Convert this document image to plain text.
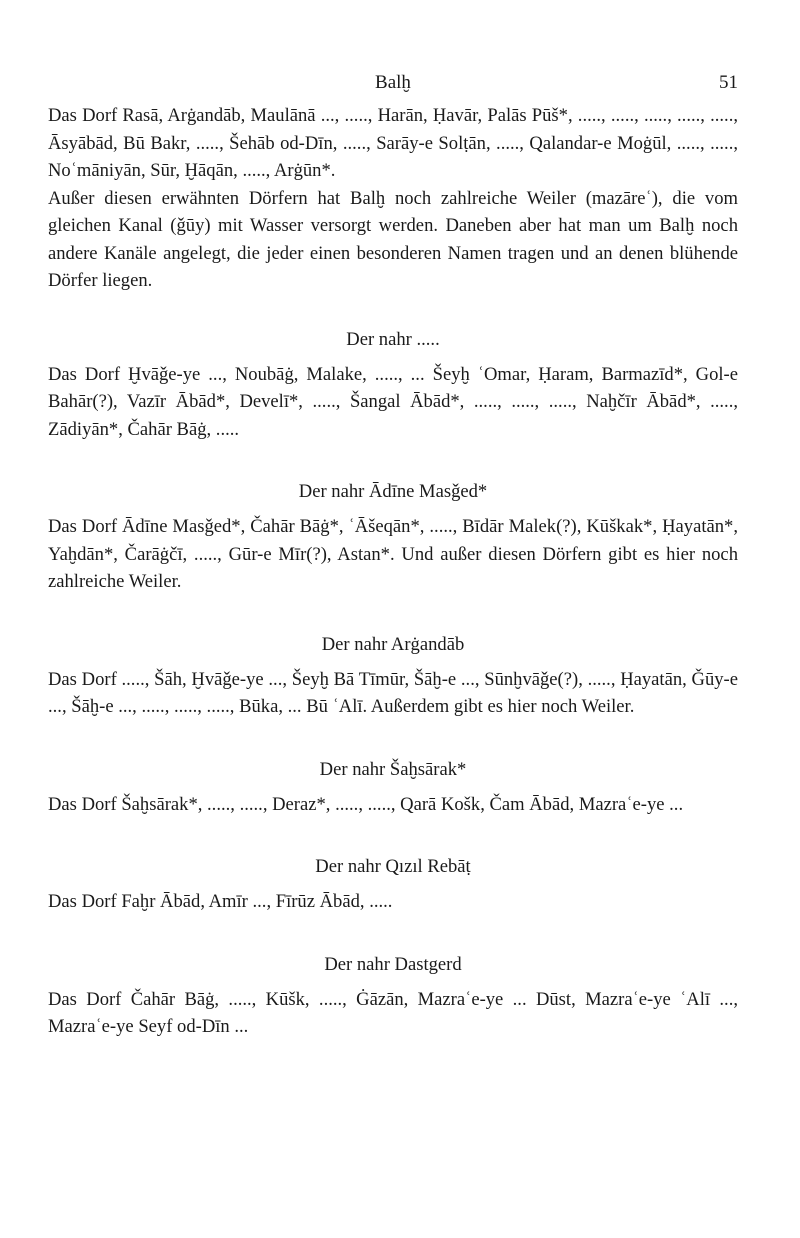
Balḫ	51

Das Dorf Rasā, Arġandāb, Maulānā ..., ....., Harān, Ḥavār, Palās Pūš*, ....., ....., ....., ....., ....., Āsyābād, Bū Bakr, ....., Šehāb od-Dīn, ....., Sarāy-e Solṭān, ....., Qalandar-e Moġūl, ....., ....., Noʿmāniyān, Sūr, Ḫāqān, ....., Arġūn*.

Außer diesen erwähnten Dörfern hat Balḫ noch zahlreiche Weiler (mazāreʿ), die vom gleichen Kanal (ǧūy) mit Wasser versorgt werden. Daneben aber hat man um Balḫ noch andere Kanäle angelegt, die jeder einen besonderen Namen tragen und an denen blühende Dörfer liegen.

Der nahr .....

Das Dorf Ḫvāǧe-ye ..., Noubāġ, Malake, ....., ... Šeyḫ ʿOmar, Ḥaram, Barmazīd*, Gol-e Bahār(?), Vazīr Ābād*, Develī*, ....., Šangal Ābād*, ....., ....., ....., Naḫčīr Ābād*, ....., Zādiyān*, Čahār Bāġ, .....

Der nahr Ādīne Masǧed*

Das Dorf Ādīne Masǧed*, Čahār Bāġ*, ʿĀšeqān*, ....., Bīdār Malek(?), Kūškak*, Ḥayatān*, Yaḫdān*, Čarāġčī, ....., Gūr-e Mīr(?), Astan*. Und außer diesen Dörfern gibt es hier noch zahlreiche Weiler.

Der nahr Arġandāb

Das Dorf ....., Šāh, Ḫvāǧe-ye ..., Šeyḫ Bā Tīmūr, Šāḫ-e ..., Sūnḫvāǧe(?), ....., Ḥayatān, Ǧūy-e ..., Šāḫ-e ..., ....., ....., ....., Būka, ... Bū ʿAlī. Außerdem gibt es hier noch Weiler.

Der nahr Šaḫsārak*

Das Dorf Šaḫsārak*, ....., ....., Deraz*, ....., ....., Qarā Košk, Čam Ābād, Mazraʿe-ye ...

Der nahr Qızıl Rebāṭ

Das Dorf Faḫr Ābād, Amīr ..., Fīrūz Ābād, .....

Der nahr Dastgerd

Das Dorf Čahār Bāġ, ....., Kūšk, ....., Ġāzān, Mazraʿe-ye ... Dūst, Mazraʿe-ye ʿAlī ..., Mazraʿe-ye Seyf od-Dīn ...
